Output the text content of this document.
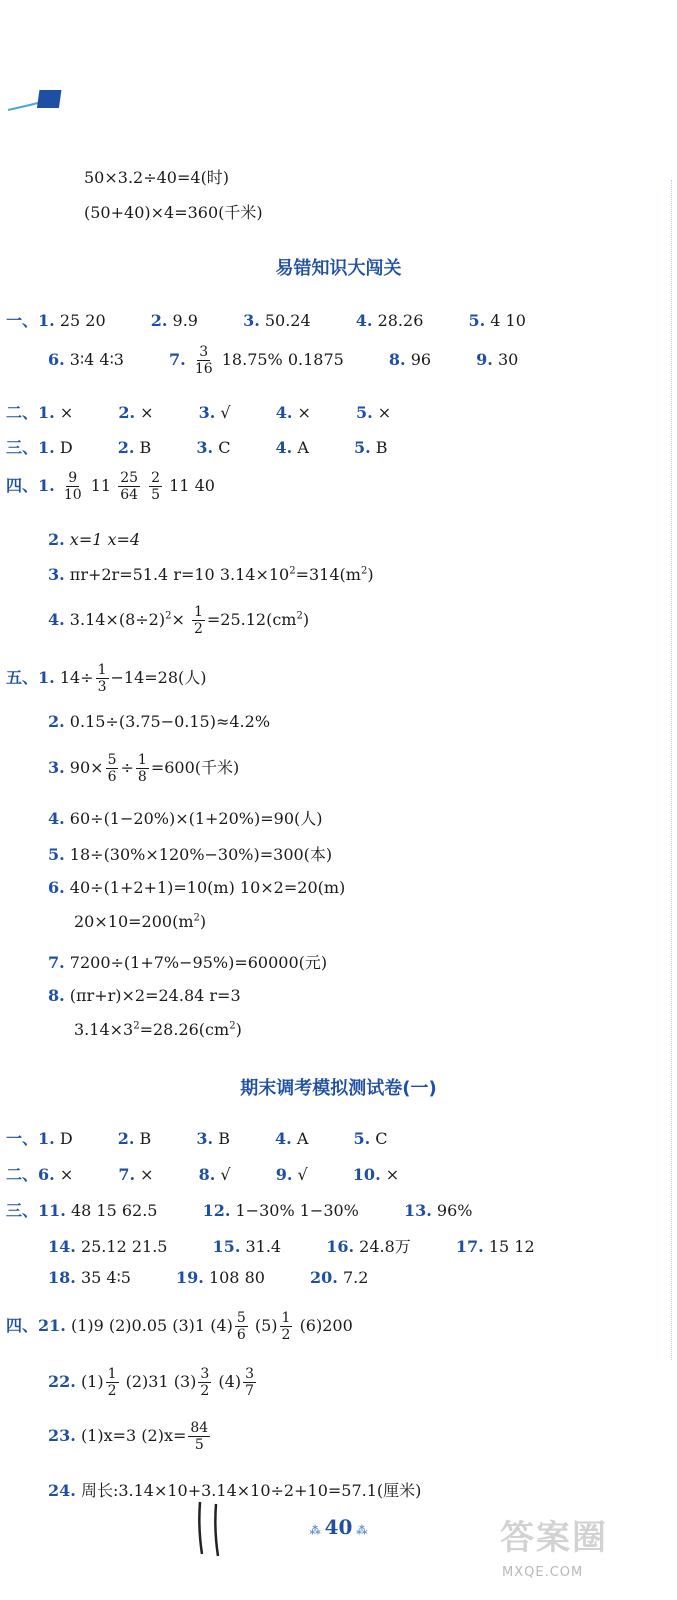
50×3.2÷40=4(时)
(50+40)×4=360(千米)
易错知识大闯关
一、1. 25 20	2. 9.9	3. 50.24	4. 28.26	5. 4 10
6. 3∶4 4∶3	7. $\frac{3}{16} 18.75\%$ 0.1875	8. 96	9. 30
二、1. ×	2. ×	3. √	4. ×	5. ×
三、1. D	2. B	3. C	4. A	5. B
四、1. $\frac{9}{10} 11 \frac{25}{64}$
$\frac{2}{5} 11$ 40
2. x=1 x=4
3. πr+2r=51.4 r=10 $3.14\times 10^2=314(m^2)$
4. $3.14\times(8\div 2)^2\times \frac{1}{2} =25.12(cm^2)$
五、1. $14\div \frac{1}{3} -14=28$(人)
2. 0.15÷(3.75−0.15)≈4.2%
3. $90\times \frac{5}{6} \div \frac{1}{8} =600$(千米)
4. 60÷(1−20%)×(1+20%)=90(人)
5. 18÷(30%×120%−30%)=300(本)
6. 40÷(1+2+1)=10(m) 10×2=20(m)
$20\times 10=200(m^2)$
7. 7200÷(1+7%−95%)=60000(元)
8. (πr+r)×2=24.84 r=3
$3.14\times 3^2=28.26(cm^2)$
期末调考模拟测试卷(一)
一、1. D	2. B	3. B	4. A	5. C
二、6. ×	7. ×	8. √	9. √	10. ×
三、11. 48 15 62.5	12. 1−30% 1−30%	13. 96%
14. 25.12 21.5	15. 31.4	16. 24.8万	17. 15 12
18. 35 4∶5	19. 108 80	20. 7.2
四、21. (1)9 (2)0.05 (3)1 $(4) \frac{5}{6} (5) \frac{1}{2} (6)200$
22. $(1) \frac{1}{2} (2)31$ $(3) \frac{3}{2} (4) \frac{3}{7}$
23. (1)x=3 $(2)x= \frac{84}{5}$
24. 周长:3.14×10+3.14×10÷2+10=57.1(厘米)
⁂ 40 ⁂	答案圈
MXQE.COM
